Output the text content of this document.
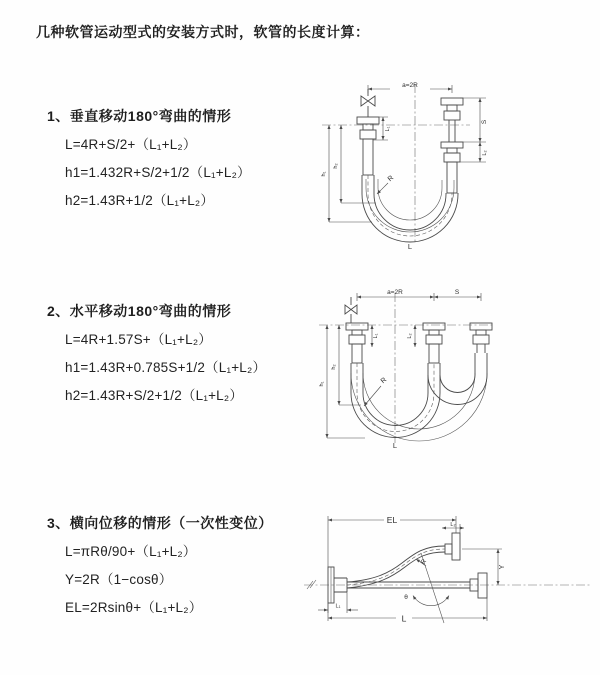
几种软管运动型式的安装方式时，软管的长度计算：
1、垂直移动180°弯曲的情形
L=4R+S/2+（L₁+L₂）
h1=1.432R+S/2+1/2（L₁+L₂）
h2=1.43R+1/2（L₁+L₂）
2、水平移动180°弯曲的情形
L=4R+1.57S+（L₁+L₂）
h1=1.43R+0.785S+1/2（L₁+L₂）
h2=1.43R+S/2+1/2（L₁+L₂）
3、横向位移的情形（一次性变位）
L=πRθ/90+（L₁+L₂）
Y=2R（1−cosθ）
EL=2Rsinθ+（L₁+L₂）
a=2R
S
L₂
L₁
h₂
h₁
R
L
a=2R	S
L₁	L₂
h₂
h₁	R
L
EL	L₂
Y
L
L₁
R
θ
